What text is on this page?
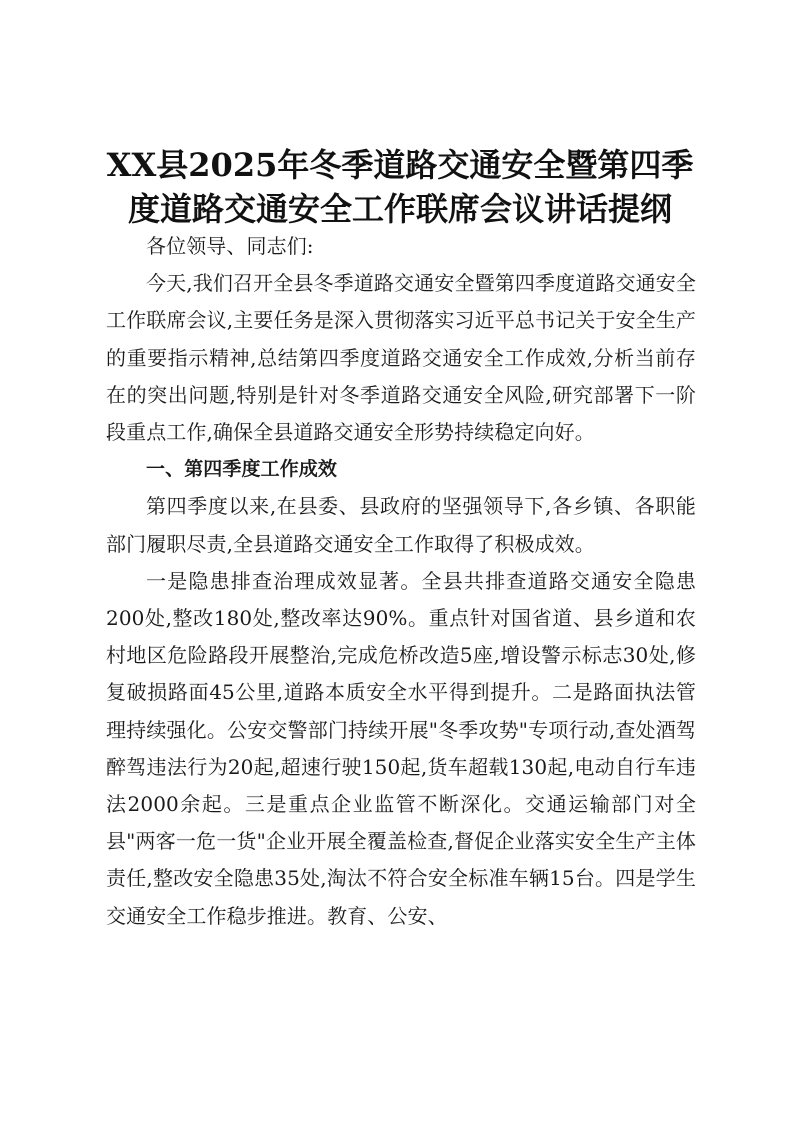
XX县2025年冬季道路交通安全暨第四季度道路交通安全工作联席会议讲话提纲

各位领导、同志们:

今天,我们召开全县冬季道路交通安全暨第四季度道路交通安全工作联席会议,主要任务是深入贯彻落实习近平总书记关于安全生产的重要指示精神,总结第四季度道路交通安全工作成效,分析当前存在的突出问题,特别是针对冬季道路交通安全风险,研究部署下一阶段重点工作,确保全县道路交通安全形势持续稳定向好。

一、第四季度工作成效

第四季度以来,在县委、县政府的坚强领导下,各乡镇、各职能部门履职尽责,全县道路交通安全工作取得了积极成效。

一是隐患排查治理成效显著。全县共排查道路交通安全隐患200处,整改180处,整改率达90%。重点针对国省道、县乡道和农村地区危险路段开展整治,完成危桥改造5座,增设警示标志30处,修复破损路面45公里,道路本质安全水平得到提升。二是路面执法管理持续强化。公安交警部门持续开展"冬季攻势"专项行动,查处酒驾醉驾违法行为20起,超速行驶150起,货车超载130起,电动自行车违法2000余起。三是重点企业监管不断深化。交通运输部门对全县"两客一危一货"企业开展全覆盖检查,督促企业落实安全生产主体责任,整改安全隐患35处,淘汰不符合安全标准车辆15台。四是学生交通安全工作稳步推进。教育、公安、
